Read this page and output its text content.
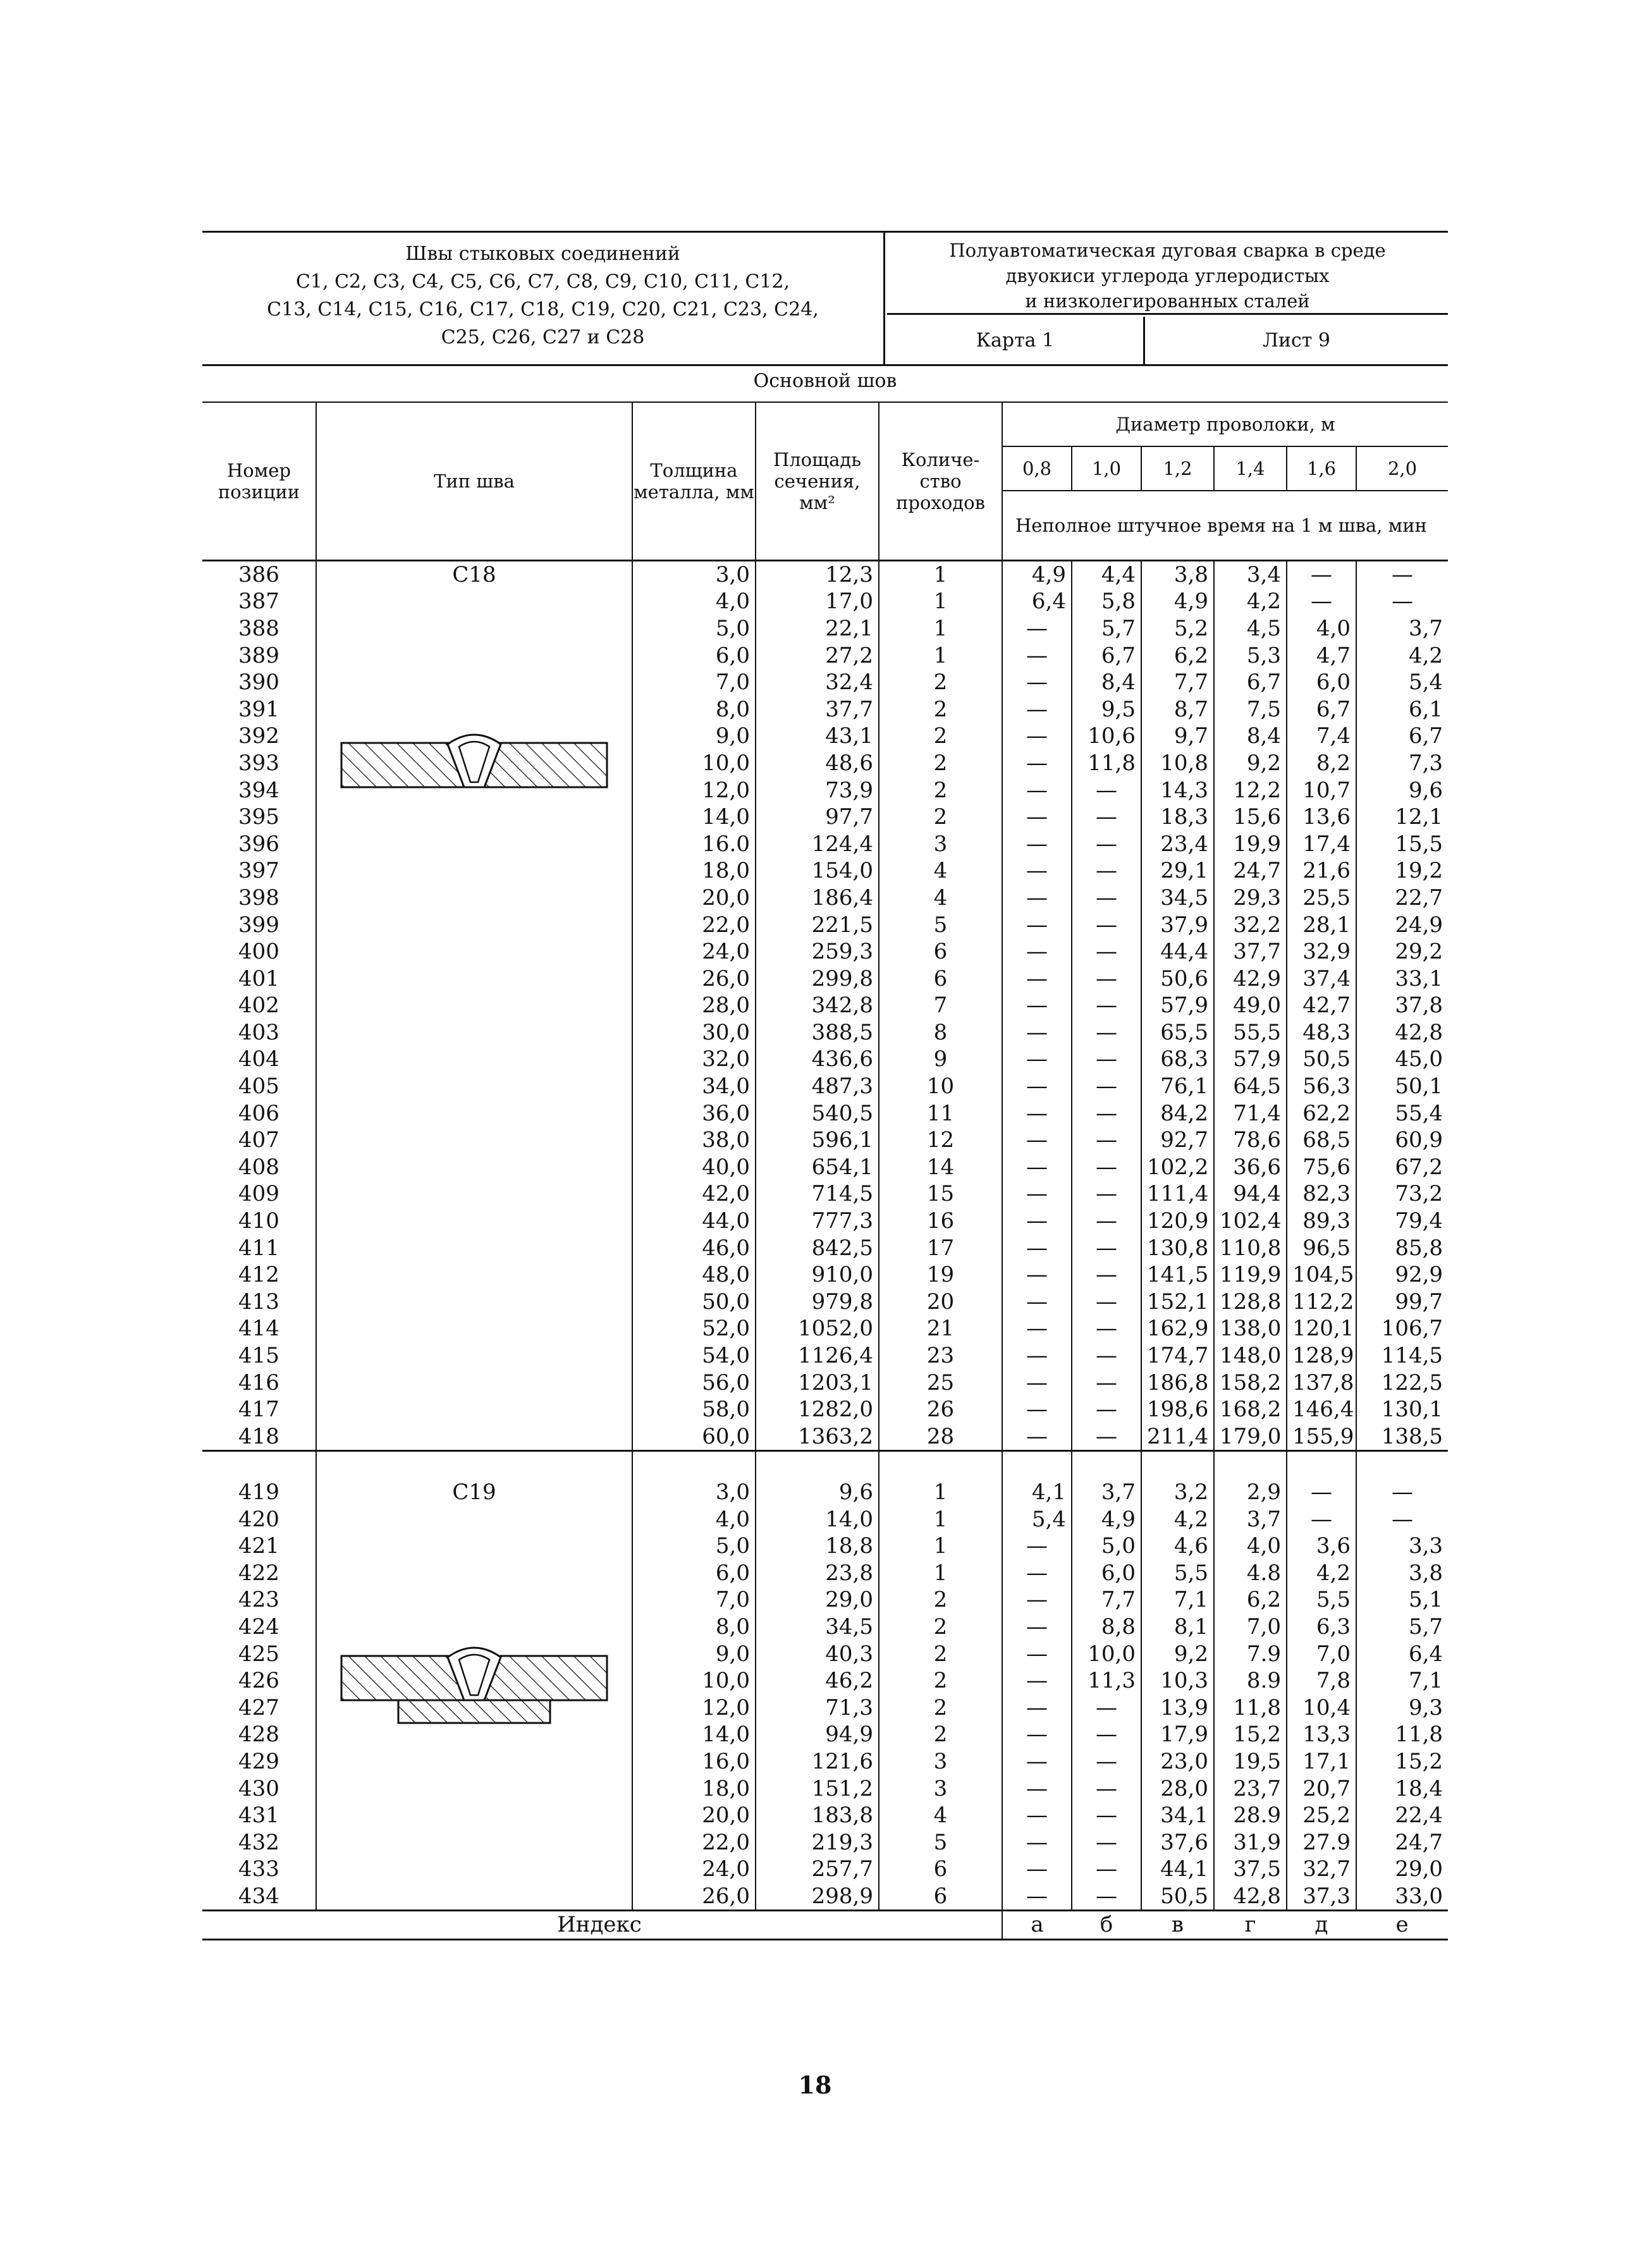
Швы стыковых соединений
С1, С2, С3, С4, С5, С6, С7, С8, С9, С10, С11, С12,
С13, С14, С15, С16, С17, С18, С19, С20, С21, С23, С24,
С25, С26, С27 и С28
Полуавтоматическая дуговая сварка в среде
двуокиси углерода углеродистых
и низколегированных сталей
Карта 1	Лист 9
Основной шов
Номер позиции	Тип шва	Толщина металла, мм	Площадь сечения, мм²	Количе- ство проходов	Диаметр проволоки, м					
					0,8	1,0	1,2	1,4	1,6	2,0
					Неполное штучное время на 1 м шва, мин					
386	С18	3,0	12,3	1	4,9	4,4	3,8	3,4	—	—
387		4,0	17,0	1	6,4	5,8	4,9	4,2	—	—
388		5,0	22,1	1	—	5,7	5,2	4,5	4,0	3,7
389		6,0	27,2	1	—	6,7	6,2	5,3	4,7	4,2
390		7,0	32,4	2	—	8,4	7,7	6,7	6,0	5,4
391		8,0	37,7	2	—	9,5	8,7	7,5	6,7	6,1
392		9,0	43,1	2	—	10,6	9,7	8,4	7,4	6,7
393		10,0	48,6	2	—	11,8	10,8	9,2	8,2	7,3
394		12,0	73,9	2	—	—	14,3	12,2	10,7	9,6
395		14,0	97,7	2	—	—	18,3	15,6	13,6	12,1
396		16.0	124,4	3	—	—	23,4	19,9	17,4	15,5
397		18,0	154,0	4	—	—	29,1	24,7	21,6	19,2
398		20,0	186,4	4	—	—	34,5	29,3	25,5	22,7
399		22,0	221,5	5	—	—	37,9	32,2	28,1	24,9
400		24,0	259,3	6	—	—	44,4	37,7	32,9	29,2
401		26,0	299,8	6	—	—	50,6	42,9	37,4	33,1
402		28,0	342,8	7	—	—	57,9	49,0	42,7	37,8
403		30,0	388,5	8	—	—	65,5	55,5	48,3	42,8
404		32,0	436,6	9	—	—	68,3	57,9	50,5	45,0
405		34,0	487,3	10	—	—	76,1	64,5	56,3	50,1
406		36,0	540,5	11	—	—	84,2	71,4	62,2	55,4
407		38,0	596,1	12	—	—	92,7	78,6	68,5	60,9
408		40,0	654,1	14	—	—	102,2	36,6	75,6	67,2
409		42,0	714,5	15	—	—	111,4	94,4	82,3	73,2
410		44,0	777,3	16	—	—	120,9	102,4	89,3	79,4
411		46,0	842,5	17	—	—	130,8	110,8	96,5	85,8
412		48,0	910,0	19	—	—	141,5	119,9	104,5	92,9
413		50,0	979,8	20	—	—	152,1	128,8	112,2	99,7
414		52,0	1052,0	21	—	—	162,9	138,0	120,1	106,7
415		54,0	1126,4	23	—	—	174,7	148,0	128,9	114,5
416		56,0	1203,1	25	—	—	186,8	158,2	137,8	122,5
417		58,0	1282,0	26	—	—	198,6	168,2	146,4	130,1
418		60,0	1363,2	28	—	—	211,4	179,0	155,9	138,5

419	С19	3,0	9,6	1	4,1	3,7	3,2	2,9	—	—
420		4,0	14,0	1	5,4	4,9	4,2	3,7	—	—
421		5,0	18,8	1	—	5,0	4,6	4,0	3,6	3,3
422		6,0	23,8	1	—	6,0	5,5	4.8	4,2	3,8
423		7,0	29,0	2	—	7,7	7,1	6,2	5,5	5,1
424		8,0	34,5	2	—	8,8	8,1	7,0	6,3	5,7
425		9,0	40,3	2	—	10,0	9,2	7.9	7,0	6,4
426		10,0	46,2	2	—	11,3	10,3	8.9	7,8	7,1
427		12,0	71,3	2	—	—	13,9	11,8	10,4	9,3
428		14,0	94,9	2	—	—	17,9	15,2	13,3	11,8
429		16,0	121,6	3	—	—	23,0	19,5	17,1	15,2
430		18,0	151,2	3	—	—	28,0	23,7	20,7	18,4
431		20,0	183,8	4	—	—	34,1	28.9	25,2	22,4
432		22,0	219,3	5	—	—	37,6	31,9	27.9	24,7
433		24,0	257,7	6	—	—	44,1	37,5	32,7	29,0
434		26,0	298,9	6	—	—	50,5	42,8	37,3	33,0
Индекс					а	б	в	г	д	е
18
